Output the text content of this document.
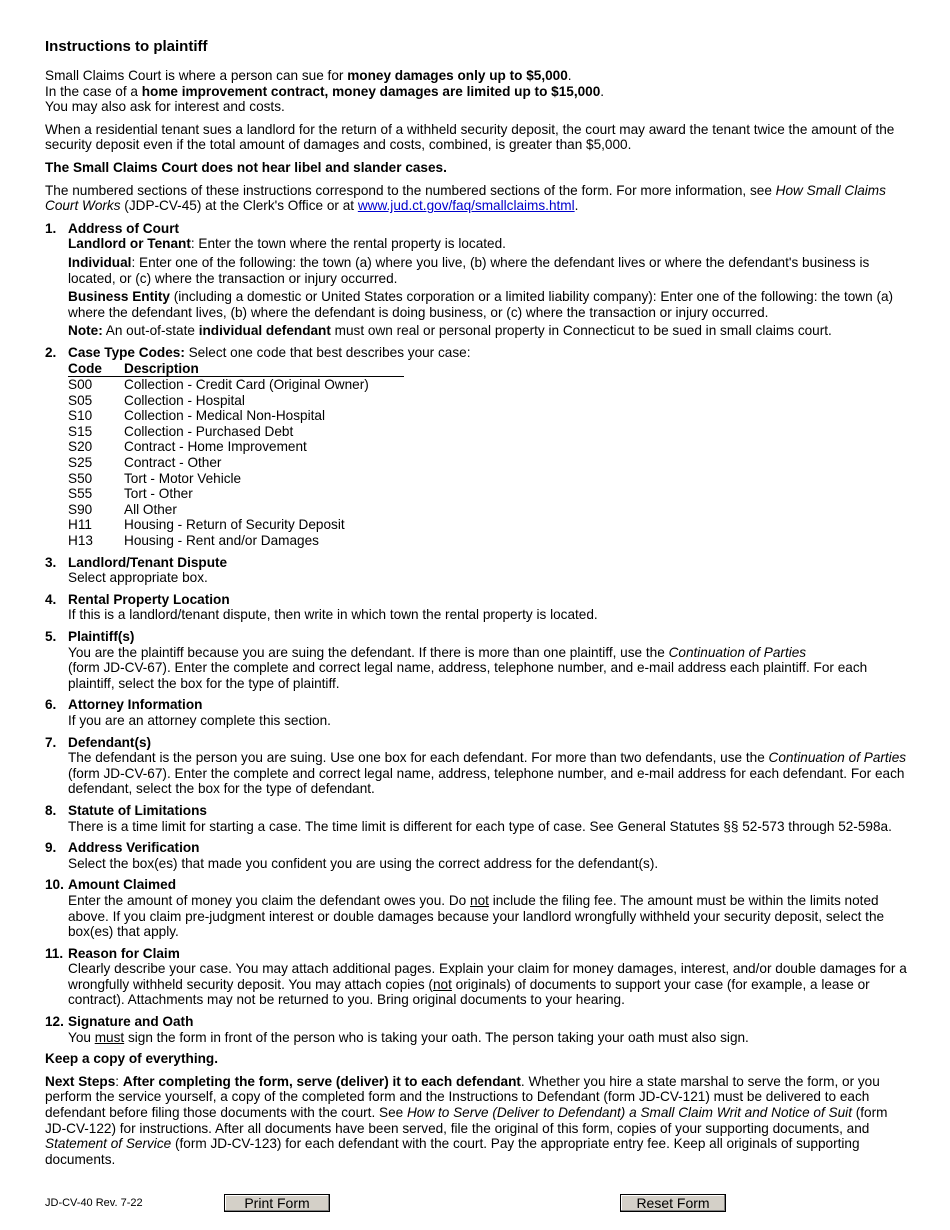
Instructions to plaintiff

Small Claims Court is where a person can sue for money damages only up to $5,000.

In the case of a home improvement contract, money damages are limited up to $15,000.

You may also ask for interest and costs.

When a residential tenant sues a landlord for the return of a withheld security deposit, the court may award the tenant twice the amount of the security deposit even if the total amount of damages and costs, combined, is greater than $5,000.

The Small Claims Court does not hear libel and slander cases.

The numbered sections of these instructions correspond to the numbered sections of the form. For more information, see How Small Claims Court Works (JDP-CV-45) at the Clerk's Office or at www.jud.ct.gov/faq/smallclaims.html.

1. Address of Court

Landlord or Tenant: Enter the town where the rental property is located.

Individual: Enter one of the following: the town (a) where you live, (b) where the defendant lives or where the defendant's business is located, or (c) where the transaction or injury occurred.

Business Entity (including a domestic or United States corporation or a limited liability company): Enter one of the following: the town (a) where the defendant lives, (b) where the defendant is doing business, or (c) where the transaction or injury occurred.

Note: An out-of-state individual defendant must own real or personal property in Connecticut to be sued in small claims court.

2. Case Type Codes: Select one code that best describes your case:
Code	Description
S00	Collection - Credit Card (Original Owner)
S05	Collection - Hospital
S10	Collection - Medical Non-Hospital
S15	Collection - Purchased Debt
S20	Contract - Home Improvement
S25	Contract - Other
S50	Tort - Motor Vehicle
S55	Tort - Other
S90	All Other
H11	Housing - Return of Security Deposit
H13	Housing - Rent and/or Damages
3. Landlord/Tenant Dispute

Select appropriate box.

4. Rental Property Location

If this is a landlord/tenant dispute, then write in which town the rental property is located.

5. Plaintiff(s)

You are the plaintiff because you are suing the defendant. If there is more than one plaintiff, use the Continuation of Parties
(form JD-CV-67). Enter the complete and correct legal name, address, telephone number, and e-mail address each plaintiff. For each plaintiff, select the box for the type of plaintiff.

6. Attorney Information

If you are an attorney complete this section.

7. Defendant(s)

The defendant is the person you are suing. Use one box for each defendant. For more than two defendants, use the Continuation of Parties (form JD-CV-67). Enter the complete and correct legal name, address, telephone number, and e-mail address for each defendant. For each defendant, select the box for the type of defendant.

8. Statute of Limitations

There is a time limit for starting a case. The time limit is different for each type of case. See General Statutes §§ 52-573 through 52-598a.

9. Address Verification

Select the box(es) that made you confident you are using the correct address for the defendant(s).

10. Amount Claimed

Enter the amount of money you claim the defendant owes you. Do not include the filing fee. The amount must be within the limits noted above. If you claim pre-judgment interest or double damages because your landlord wrongfully withheld your security deposit, select the box(es) that apply.

11. Reason for Claim

Clearly describe your case. You may attach additional pages. Explain your claim for money damages, interest, and/or double damages for a wrongfully withheld security deposit. You may attach copies (not originals) of documents to support your case (for example, a lease or contract). Attachments may not be returned to you. Bring original documents to your hearing.

12. Signature and Oath

You must sign the form in front of the person who is taking your oath. The person taking your oath must also sign.

Keep a copy of everything.

Next Steps: After completing the form, serve (deliver) it to each defendant. Whether you hire a state marshal to serve the form, or you perform the service yourself, a copy of the completed form and the Instructions to Defendant (form JD-CV-121) must be delivered to each defendant before filing those documents with the court. See How to Serve (Deliver to Defendant) a Small Claim Writ and Notice of Suit (form JD-CV-122) for instructions. After all documents have been served, file the original of this form, copies of your supporting documents, and Statement of Service (form JD-CV-123) for each defendant with the court. Pay the appropriate entry fee. Keep all originals of supporting documents.

JD-CV-40 Rev. 7-22	Print Form	Reset Form
